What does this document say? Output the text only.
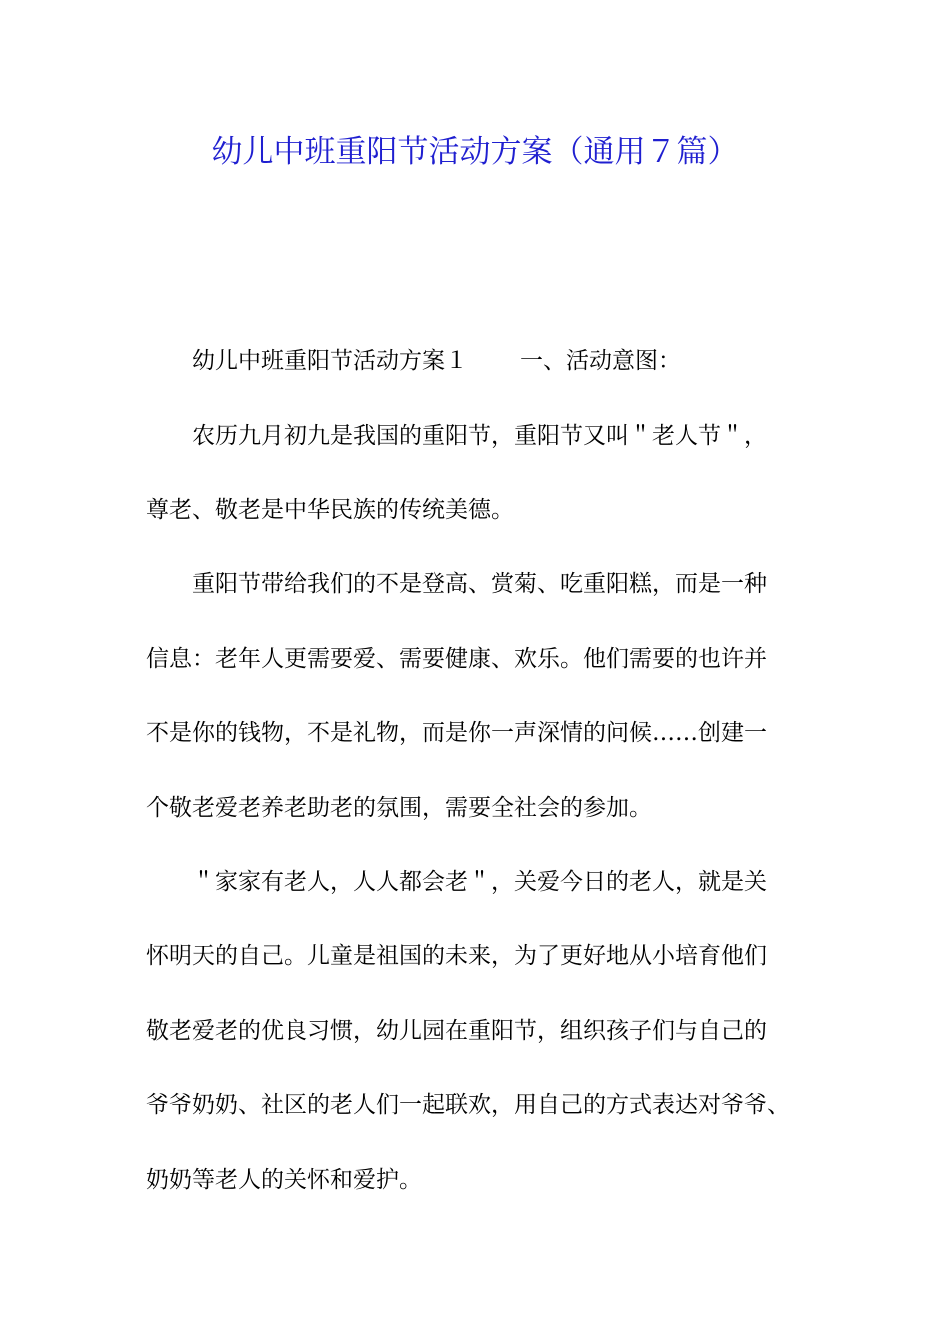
幼儿中班重阳节活动方案（通用７篇）
幼儿中班重阳节活动方案１ 一、活动意图：
农历九月初九是我国的重阳节，重阳节又叫＂老人节＂，
尊老、敬老是中华民族的传统美德。
重阳节带给我们的不是登高、赏菊、吃重阳糕，而是一种
信息：老年人更需要爱、需要健康、欢乐。他们需要的也许并
不是你的钱物，不是礼物，而是你一声深情的问候……创建一
个敬老爱老养老助老的氛围，需要全社会的参加。
＂家家有老人，人人都会老＂，关爱今日的老人，就是关
怀明天的自己。儿童是祖国的未来，为了更好地从小培育他们
敬老爱老的优良习惯，幼儿园在重阳节，组织孩子们与自己的
爷爷奶奶、社区的老人们一起联欢，用自己的方式表达对爷爷、
奶奶等老人的关怀和爱护。
